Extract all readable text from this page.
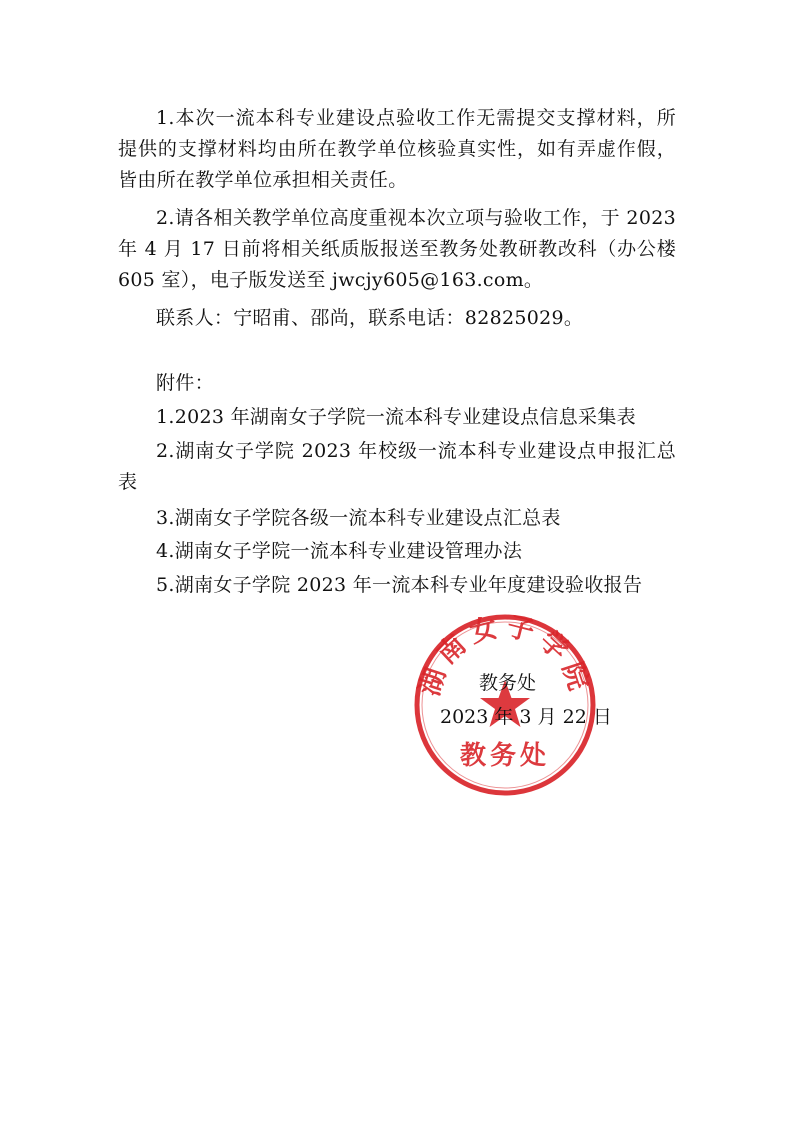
1.本次一流本科专业建设点验收工作无需提交支撑材料，所提供的支撑材料均由所在教学单位核验真实性，如有弄虚作假，皆由所在教学单位承担相关责任。

2.请各相关教学单位高度重视本次立项与验收工作，于 2023 年 4 月 17 日前将相关纸质版报送至教务处教研教改科（办公楼 605 室），电子版发送至 jwcjy605@163.com。

联系人：宁昭甫、邵尚，联系电话：82825029。

附件：

1.2023 年湖南女子学院一流本科专业建设点信息采集表

2.湖南女子学院 2023 年校级一流本科专业建设点申报汇总表

3.湖南女子学院各级一流本科专业建设点汇总表

4.湖南女子学院一流本科专业建设管理办法

5.湖南女子学院 2023 年一流本科专业年度建设验收报告

湖南女子学院
教务处
教务处
2023 年 3 月 22 日
